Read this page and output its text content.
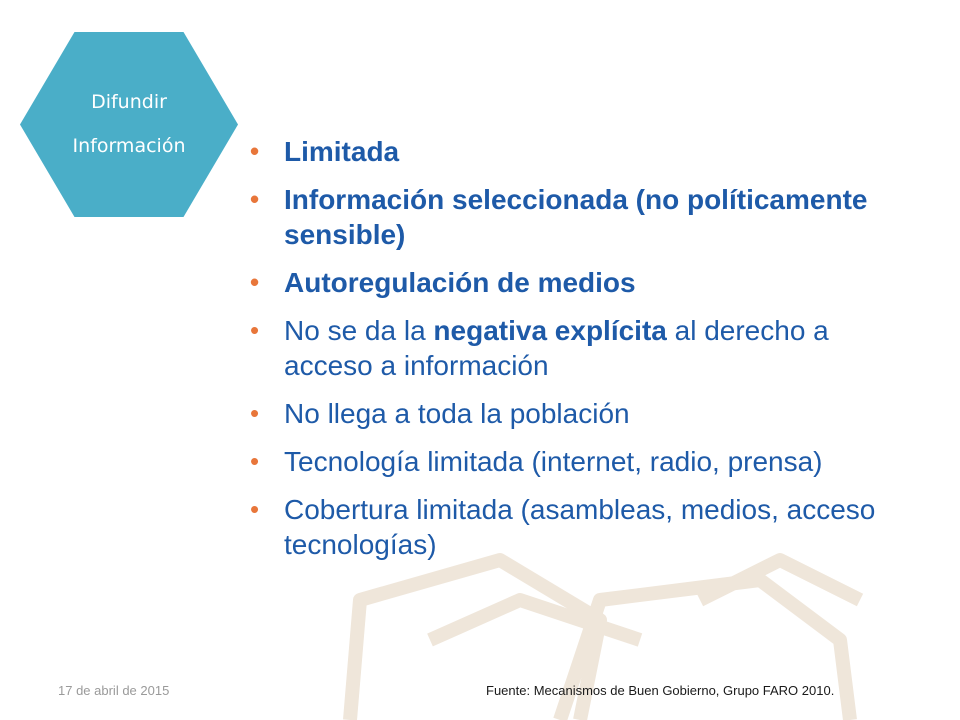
Difundir
Información
•	Limitada
• Información seleccionada (no políticamente sensible)
• Autoregulación de medios
• No se da la negativa explícita al derecho a acceso a información
• No llega a toda la población
• Tecnología limitada (internet, radio, prensa)
• Cobertura limitada (asambleas, medios, acceso tecnologías)
17 de abril de 2015	Fuente: Mecanismos de Buen Gobierno, Grupo FARO 2010.
